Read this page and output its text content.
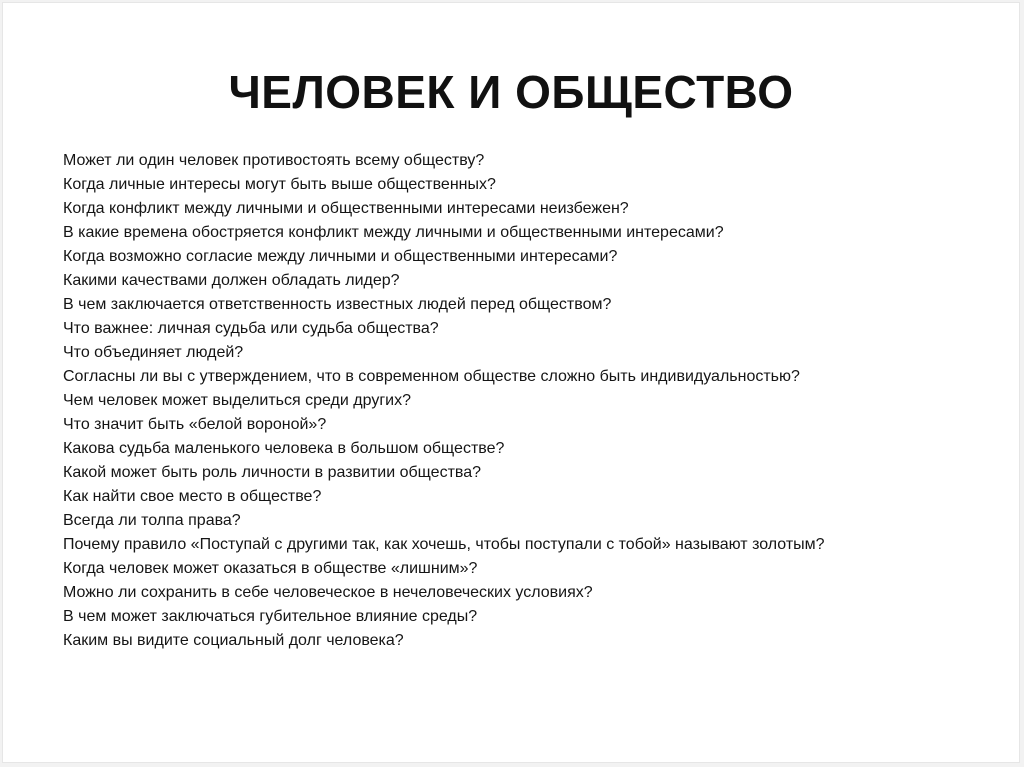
ЧЕЛОВЕК И ОБЩЕСТВО
Может ли один человек противостоять всему обществу?
Когда личные интересы могут быть выше общественных?
Когда конфликт между личными и общественными интересами неизбежен?
В какие времена обостряется конфликт между личными и общественными интересами?
Когда возможно согласие между личными и общественными интересами?
Какими качествами должен обладать лидер?
В чем заключается ответственность известных людей перед обществом?
Что важнее: личная судьба или судьба общества?
Что объединяет людей?
Согласны ли вы с утверждением, что в современном обществе сложно быть индивидуальностью?
Чем человек может выделиться среди других?
Что значит быть «белой вороной»?
Какова судьба маленького человека в большом обществе?
Какой может быть роль личности в развитии общества?
Как найти свое место в обществе?
Всегда ли толпа права?
Почему правило «Поступай с другими так, как хочешь, чтобы поступали с тобой» называют золотым?
Когда человек может оказаться в обществе «лишним»?
Можно ли сохранить в себе человеческое в нечеловеческих условиях?
В чем может заключаться губительное влияние среды?
Каким вы видите социальный долг человека?
